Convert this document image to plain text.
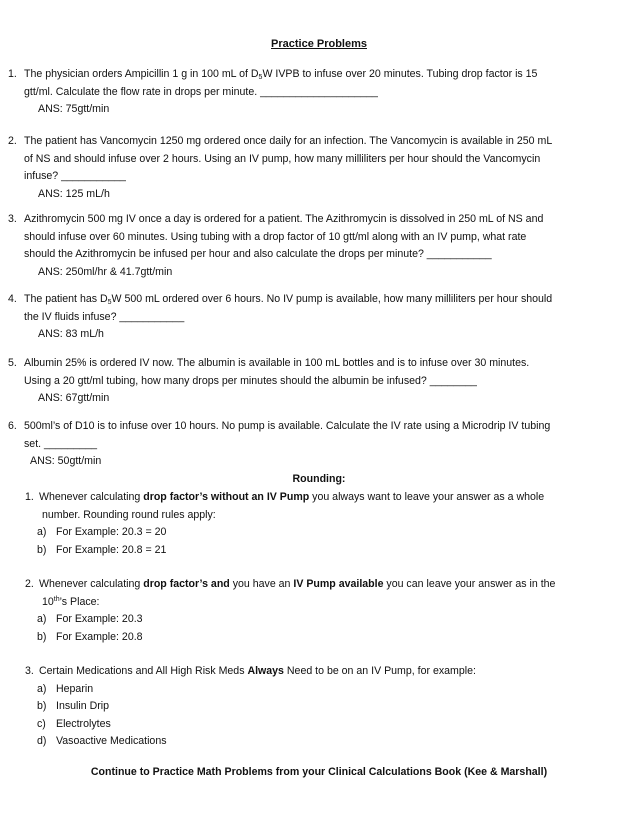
Practice Problems
1. The physician orders Ampicillin 1 g in 100 mL of $D_5W$ IVPB to infuse over 20 minutes. Tubing drop factor is 15
gtt/ml. Calculate the flow rate in drops per minute. ____________________
ANS: 75gtt/min
2. The patient has Vancomycin 1250 mg ordered once daily for an infection. The Vancomycin is available in 250 mL
of NS and should infuse over 2 hours. Using an IV pump, how many milliliters per hour should the Vancomycin
infuse? ___________
ANS: 125 mL/h
3. Azithromycin 500 mg IV once a day is ordered for a patient. The Azithromycin is dissolved in 250 mL of NS and
should infuse over 60 minutes. Using tubing with a drop factor of 10 gtt/ml along with an IV pump, what rate
should the Azithromycin be infused per hour and also calculate the drops per minute? ___________
ANS: 250ml/hr & 41.7gtt/min
4. The patient has $D_5W$ 500 mL ordered over 6 hours. No IV pump is available, how many milliliters per hour should
the IV fluids infuse? ___________
ANS: 83 mL/h
5. Albumin 25% is ordered IV now. The albumin is available in 100 mL bottles and is to infuse over 30 minutes.
Using a 20 gtt/ml tubing, how many drops per minutes should the albumin be infused? ________
ANS: 67gtt/min
6. 500ml’s of D10 is to infuse over 10 hours. No pump is available. Calculate the IV rate using a Microdrip IV tubing
set. _________
ANS: 50gtt/min
Rounding:
1. Whenever calculating drop factor’s without an IV Pump you always want to leave your answer as a whole
number. Rounding round rules apply:
a) For Example: 20.3 = 20
b) For Example: 20.8 = 21
2. Whenever calculating drop factor’s and you have an IV Pump available you can leave your answer as in the
10th’s Place:
a) For Example: 20.3
b) For Example: 20.8
3. Certain Medications and All High Risk Meds Always Need to be on an IV Pump, for example:
a) Heparin
b) Insulin Drip
c) Electrolytes
d) Vasoactive Medications
Continue to Practice Math Problems from your Clinical Calculations Book (Kee & Marshall)
